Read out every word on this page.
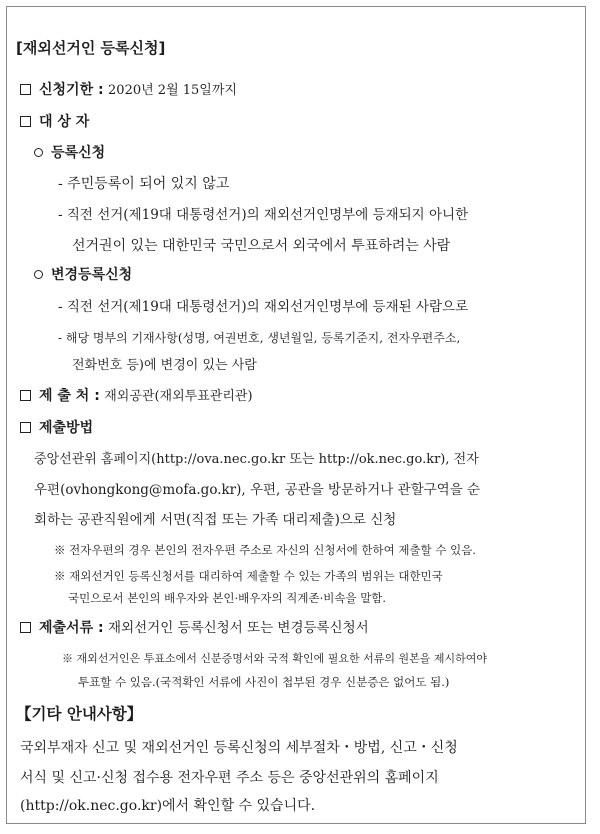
[재외선거인 등록신청]
신청기한 : 2020년 2월 15일까지
대 상 자
등록신청
- 주민등록이 되어 있지 않고
- 직전 선거(제19대 대통령선거)의 재외선거인명부에 등재되지 아니한
선거권이 있는 대한민국 국민으로서 외국에서 투표하려는 사람
변경등록신청
- 직전 선거(제19대 대통령선거)의 재외선거인명부에 등재된 사람으로
- 해당 명부의 기재사항(성명, 여권번호, 생년월일, 등록기준지, 전자우편주소,
전화번호 등)에 변경이 있는 사람
제 출 처 : 재외공관(재외투표관리관)
제출방법
중앙선관위 홈페이지(http://ova.nec.go.kr 또는 http://ok.nec.go.kr), 전자
우편(ovhongkong@mofa.go.kr), 우편, 공관을 방문하거나 관할구역을 순
회하는 공관직원에게 서면(직접 또는 가족 대리제출)으로 신청
※ 전자우편의 경우 본인의 전자우편 주소로 자신의 신청서에 한하여 제출할 수 있음.
※ 재외선거인 등록신청서를 대리하여 제출할 수 있는 가족의 범위는 대한민국
국민으로서 본인의 배우자와 본인·배우자의 직계존·비속을 말함.
제출서류 : 재외선거인 등록신청서 또는 변경등록신청서
※ 재외선거인은 투표소에서 신분증명서와 국적 확인에 필요한 서류의 원본을 제시하여야
투표할 수 있음.(국적확인 서류에 사진이 첩부된 경우 신분증은 없어도 됨.)
【기타 안내사항】
국외부재자 신고 및 재외선거인 등록신청의 세부절차・방법, 신고・신청
서식 및 신고·신청 접수용 전자우편 주소 등은 중앙선관위의 홈페이지
(http://ok.nec.go.kr)에서 확인할 수 있습니다.
